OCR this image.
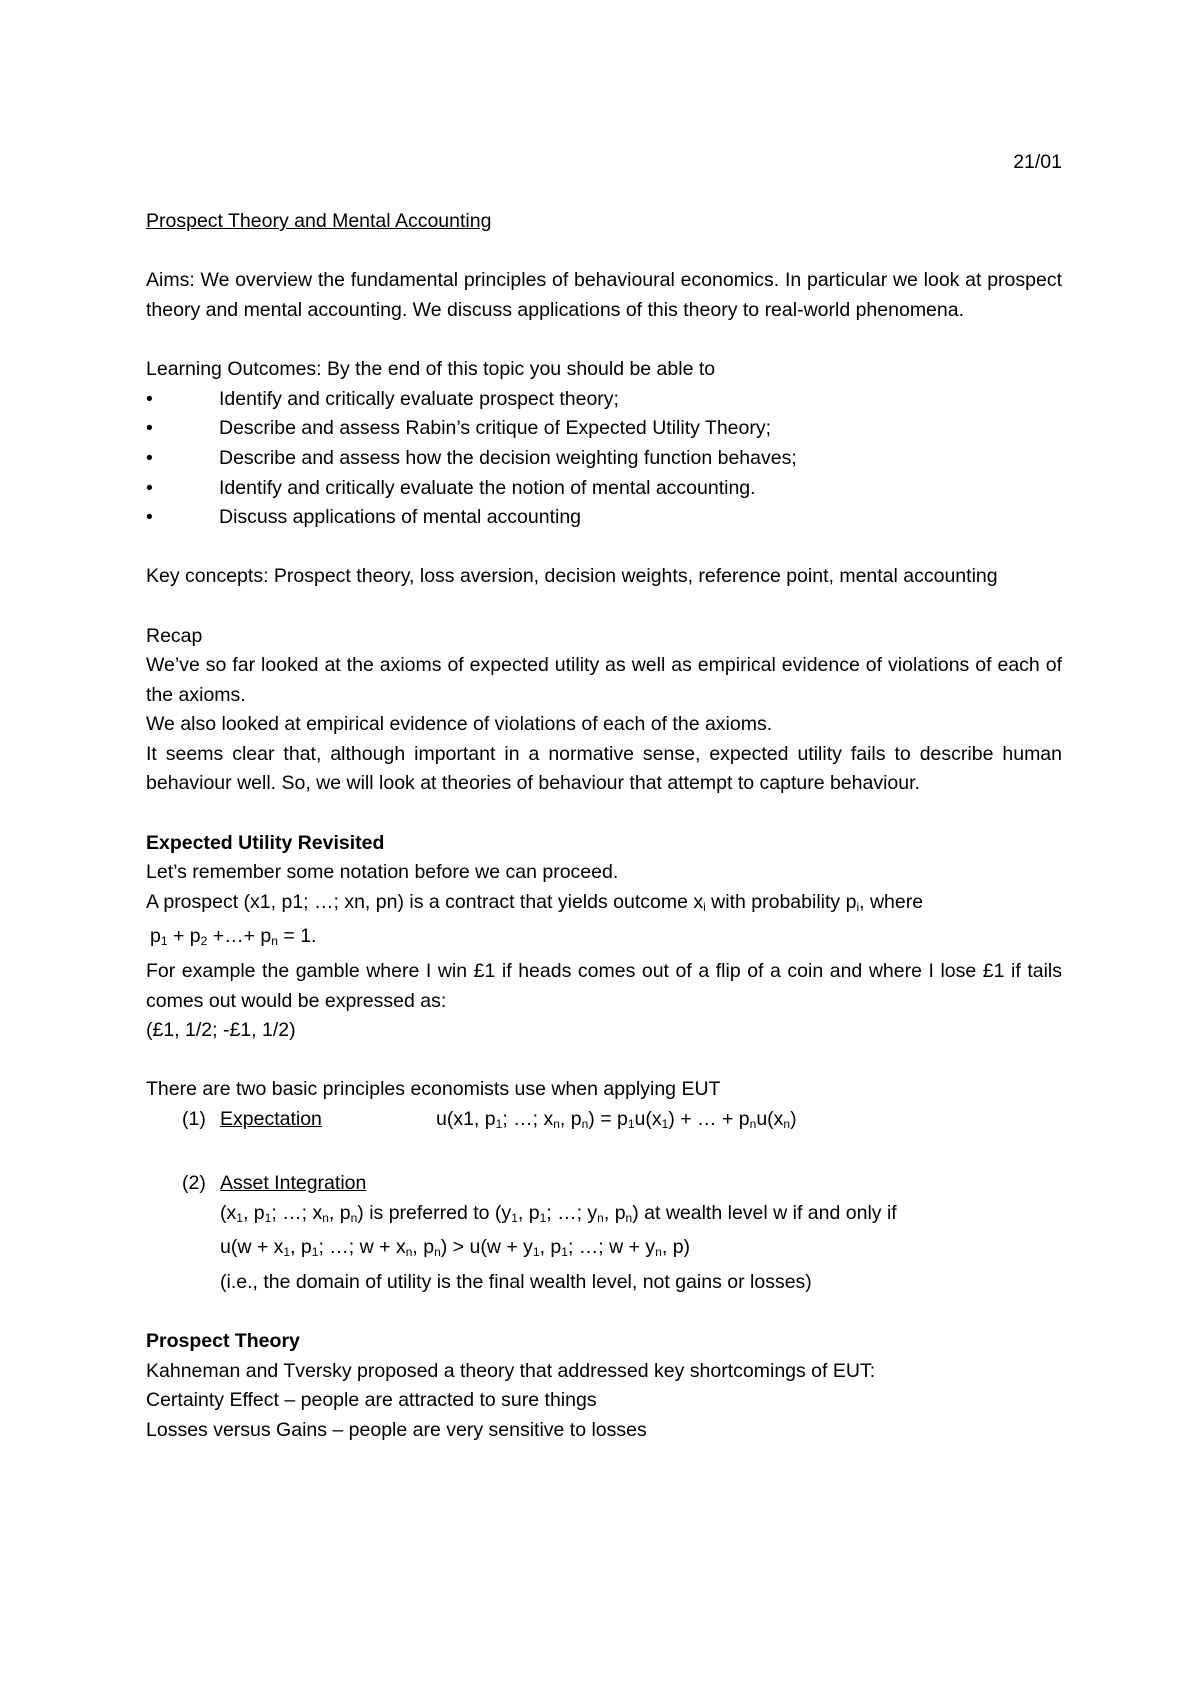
21/01
Prospect Theory and Mental Accounting
Aims: We overview the fundamental principles of behavioural economics. In particular we look at prospect theory and mental accounting. We discuss applications of this theory to real-world phenomena.
Learning Outcomes: By the end of this topic you should be able to
•	Identify and critically evaluate prospect theory;
•	Describe and assess Rabin’s critique of Expected Utility Theory;
•	Describe and assess how the decision weighting function behaves;
•	Identify and critically evaluate the notion of mental accounting.
•	Discuss applications of mental accounting
Key concepts: Prospect theory, loss aversion, decision weights, reference point, mental accounting
Recap
We’ve so far looked at the axioms of expected utility as well as empirical evidence of violations of each of the axioms.
We also looked at empirical evidence of violations of each of the axioms.
It seems clear that, although important in a normative sense, expected utility fails to describe human behaviour well. So, we will look at theories of behaviour that attempt to capture behaviour.
Expected Utility Revisited
Let’s remember some notation before we can proceed.
A prospect (x1, p1; …; xn, pn) is a contract that yields outcome $x_i$ with probability $p_i$, where
$p_1 + p_2$ +…+ $p_n = 1$.
For example the gamble where I win £1 if heads comes out of a flip of a coin and where I lose £1 if tails comes out would be expressed as:
(£1, 1/2; -£1, 1/2)
There are two basic principles economists use when applying EUT
(1) Expectation	u(x1, $p_1$; …; $x_n$, $p_n) = p_1u(x_1)$ + … + $p_nu(x_n)$
(2) Asset Integration
($x_1$, $p_1$; …; $x_n$, $p_n$) is preferred to ($y_1$, $p_1$; …; $y_n$, $p_n$) at wealth level w if and only if
$u(w + x_1$, $p_1$; …; $w + x_n$, $p_n) > u(w + y_1$, $p_1$; …; $w + y_n$, p)
(i.e., the domain of utility is the final wealth level, not gains or losses)
Prospect Theory
Kahneman and Tversky proposed a theory that addressed key shortcomings of EUT:
Certainty Effect – people are attracted to sure things
Losses versus Gains – people are very sensitive to losses
